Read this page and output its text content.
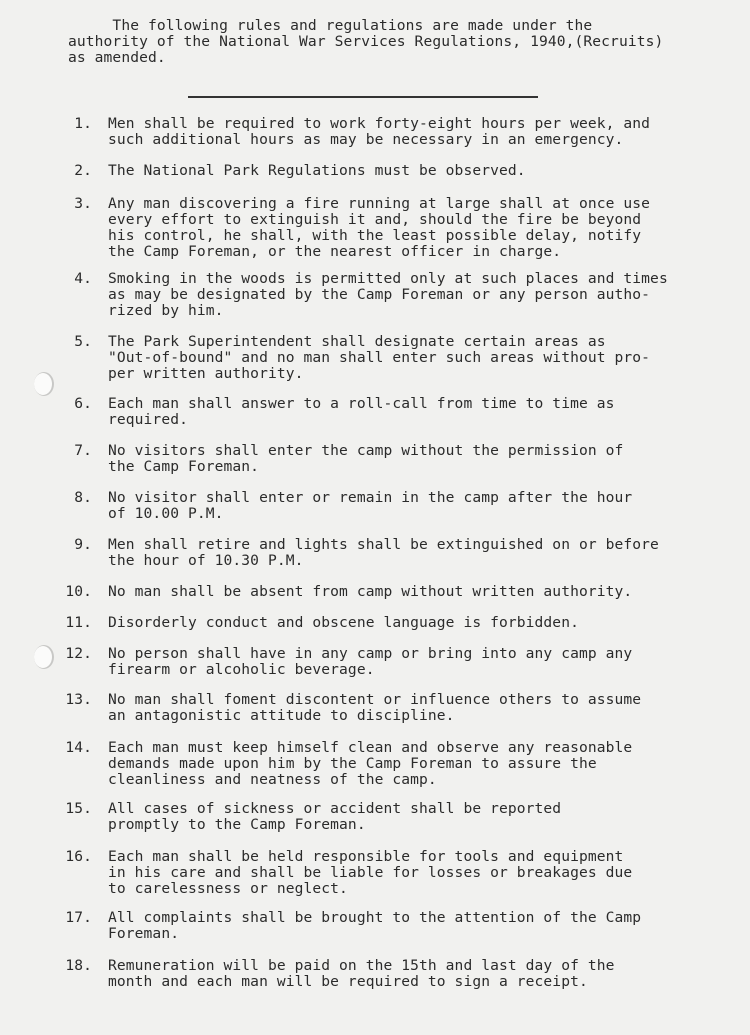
The following rules and regulations are made under the
authority of the National War Services Regulations, 1940,(Recruits)
as amended.
1. Men shall be required to work forty-eight hours per week, and
such additional hours as may be necessary in an emergency.
2. The National Park Regulations must be observed.
3. Any man discovering a fire running at large shall at once use
every effort to extinguish it and, should the fire be beyond
his control, he shall, with the least possible delay, notify
the Camp Foreman, or the nearest officer in charge.
4. Smoking in the woods is permitted only at such places and times
as may be designated by the Camp Foreman or any person autho-
rized by him.
5. The Park Superintendent shall designate certain areas as
"Out-of-bound" and no man shall enter such areas without pro-
per written authority.
6. Each man shall answer to a roll-call from time to time as
required.
7. No visitors shall enter the camp without the permission of
the Camp Foreman.
8. No visitor shall enter or remain in the camp after the hour
of 10.00 P.M.
9. Men shall retire and lights shall be extinguished on or before
the hour of 10.30 P.M.
10. No man shall be absent from camp without written authority.
11. Disorderly conduct and obscene language is forbidden.
12. No person shall have in any camp or bring into any camp any
firearm or alcoholic beverage.
13. No man shall foment discontent or influence others to assume
an antagonistic attitude to discipline.
14. Each man must keep himself clean and observe any reasonable
demands made upon him by the Camp Foreman to assure the
cleanliness and neatness of the camp.
15. All cases of sickness or accident shall be reported
promptly to the Camp Foreman.
16. Each man shall be held responsible for tools and equipment
in his care and shall be liable for losses or breakages due
to carelessness or neglect.
17. All complaints shall be brought to the attention of the Camp
Foreman.
18. Remuneration will be paid on the 15th and last day of the
month and each man will be required to sign a receipt.
